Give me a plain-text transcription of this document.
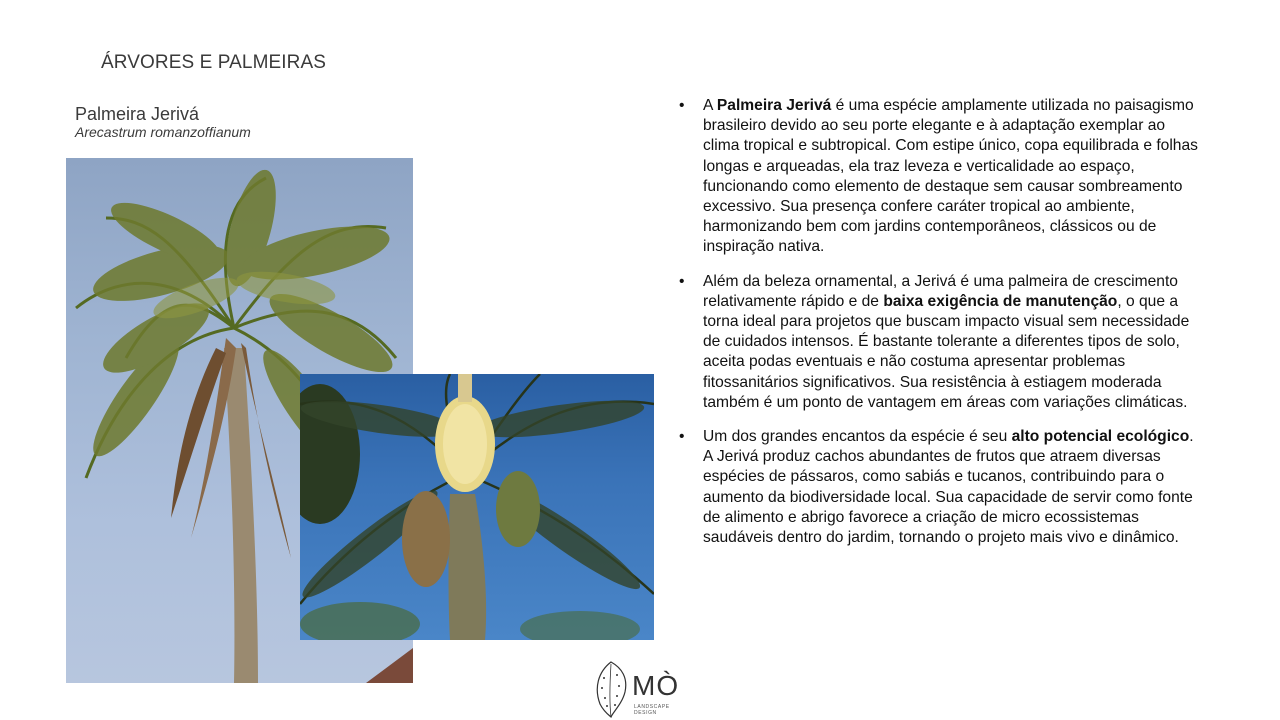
ÁRVORES E PALMEIRAS
Palmeira Jerivá
Arecastrum romanzoffianum
• A Palmeira Jerivá é uma espécie amplamente utilizada no paisagismo brasileiro devido ao seu porte elegante e à adaptação exemplar ao clima tropical e subtropical. Com estipe único, copa equilibrada e folhas longas e arqueadas, ela traz leveza e verticalidade ao espaço, funcionando como elemento de destaque sem causar sombreamento excessivo. Sua presença confere caráter tropical ao ambiente, harmonizando bem com jardins contemporâneos, clássicos ou de inspiração nativa.
• Além da beleza ornamental, a Jerivá é uma palmeira de crescimento relativamente rápido e de baixa exigência de manutenção, o que a torna ideal para projetos que buscam impacto visual sem necessidade de cuidados intensos. É bastante tolerante a diferentes tipos de solo, aceita podas eventuais e não costuma apresentar problemas fitossanitários significativos. Sua resistência à estiagem moderada também é um ponto de vantagem em áreas com variações climáticas.
• Um dos grandes encantos da espécie é seu alto potencial ecológico. A Jerivá produz cachos abundantes de frutos que atraem diversas espécies de pássaros, como sabiás e tucanos, contribuindo para o aumento da biodiversidade local. Sua capacidade de servir como fonte de alimento e abrigo favorece a criação de micro ecossistemas saudáveis dentro do jardim, tornando o projeto mais vivo e dinâmico.
MÒ
LANDSCAPE DESIGN
